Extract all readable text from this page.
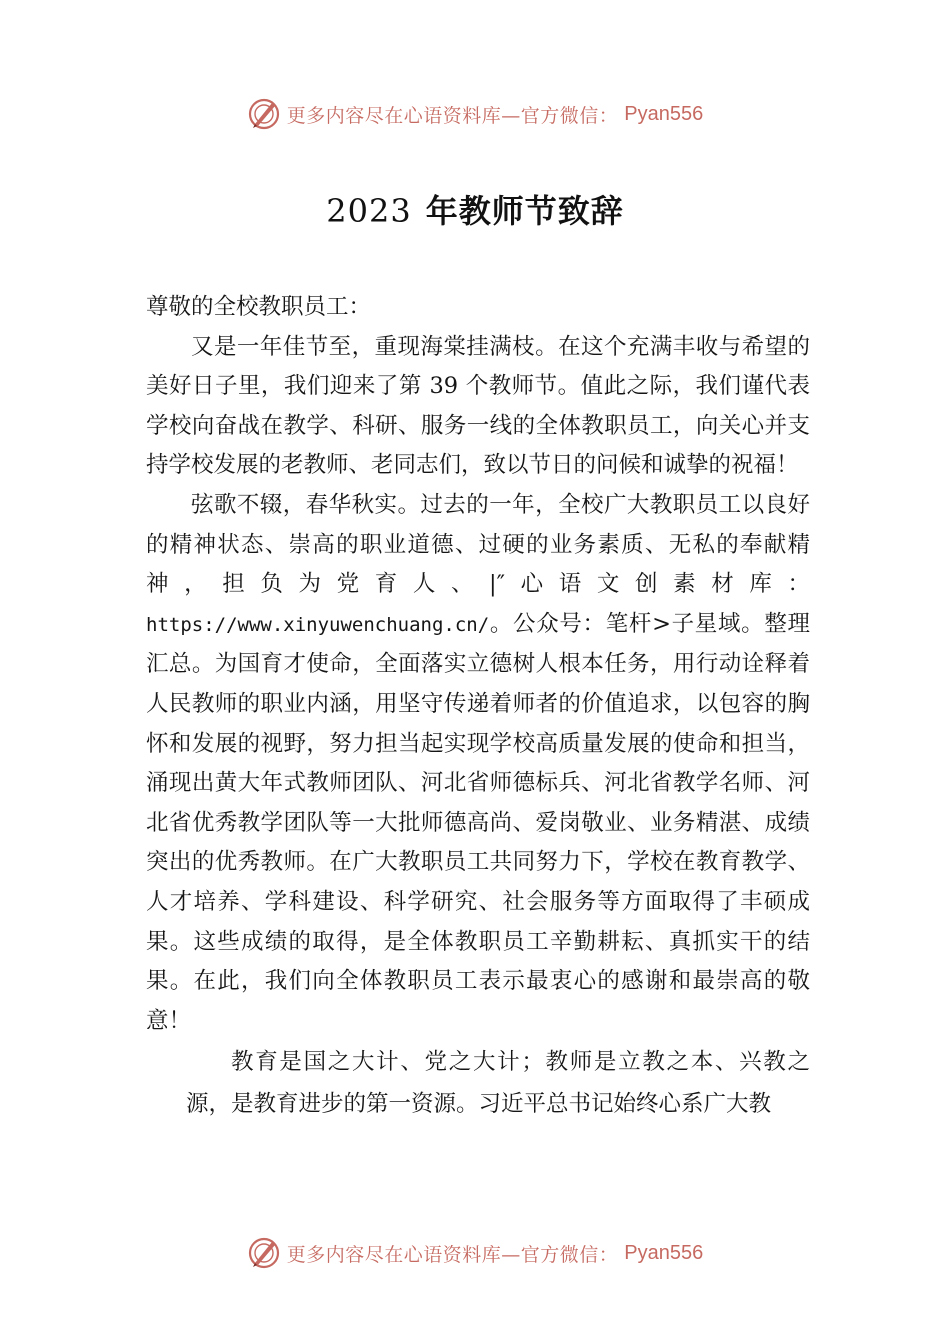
更多内容尽在心语资料库—官方微信： Pyan556
2023 年教师节致辞

尊敬的全校教职员工：

又是一年佳节至，重现海棠挂满枝。在这个充满丰收与希望的美好日子里，我们迎来了第 39 个教师节。值此之际，我们谨代表学校向奋战在教学、科研、服务一线的全体教职员工，向关心并支持学校发展的老教师、老同志们，致以节日的问候和诚挚的祝福！

弦歌不辍，春华秋实。过去的一年，全校广大教职员工以良好的精神状态、崇高的职业道德、过硬的业务素质、无私的奉献精神，担负为党育人、|″心语文创素材库：https://www.xinyuwenchuang.cn/。公众号：笔杆>子星域。整理汇总。为国育才使命，全面落实立德树人根本任务，用行动诠释着人民教师的职业内涵，用坚守传递着师者的价值追求，以包容的胸怀和发展的视野，努力担当起实现学校高质量发展的使命和担当，涌现出黄大年式教师团队、河北省师德标兵、河北省教学名师、河北省优秀教学团队等一大批师德高尚、爱岗敬业、业务精湛、成绩突出的优秀教师。在广大教职员工共同努力下，学校在教育教学、人才培养、学科建设、科学研究、社会服务等方面取得了丰硕成果。这些成绩的取得，是全体教职员工辛勤耕耘、真抓实干的结果。在此，我们向全体教职员工表示最衷心的感谢和最崇高的敬意！

教育是国之大计、党之大计；教师是立教之本、兴教之源，是教育进步的第一资源。习近平总书记始终心系广大教

更多内容尽在心语资料库—官方微信： Pyan556
